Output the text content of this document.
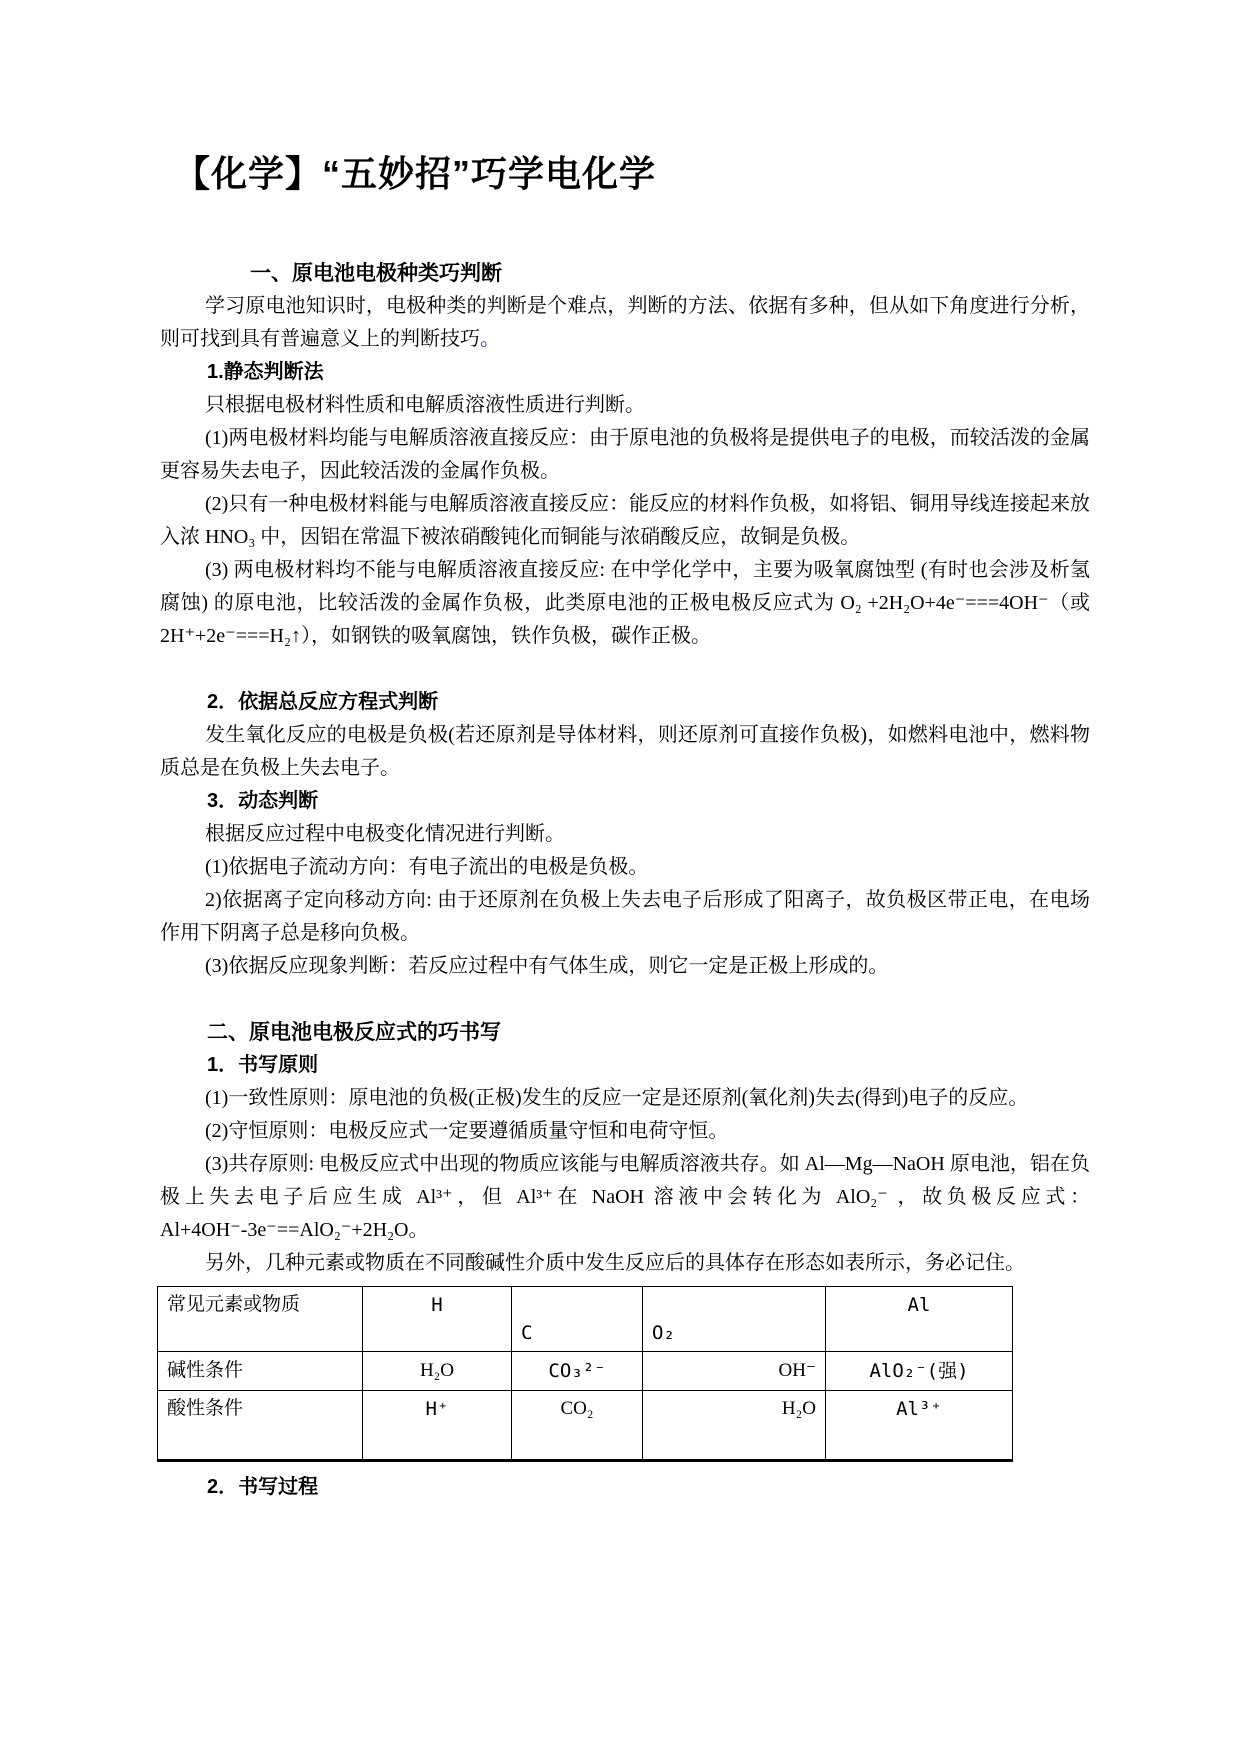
【化学】“五妙招”巧学电化学
一、原电池电极种类巧判断

学习原电池知识时，电极种类的判断是个难点，判断的方法、依据有多种，但从如下角度进行分析，则可找到具有普遍意义上的判断技巧。

1.静态判断法

只根据电极材料性质和电解质溶液性质进行判断。

(1)两电极材料均能与电解质溶液直接反应：由于原电池的负极将是提供电子的电极，而较活泼的金属更容易失去电子，因此较活泼的金属作负极。

(2)只有一种电极材料能与电解质溶液直接反应：能反应的材料作负极，如将铝、铜用导线连接起来放入浓 HNO₃ 中，因铝在常温下被浓硝酸钝化而铜能与浓硝酸反应，故铜是负极。

(3) 两电极材料均不能与电解质溶液直接反应: 在中学化学中，主要为吸氧腐蚀型 (有时也会涉及析氢腐蚀) 的原电池，比较活泼的金属作负极，此类原电池的正极电极反应式为 O₂ +2H₂O+4e⁻===4OH⁻（或 2H⁺+2e⁻===H₂↑），如钢铁的吸氧腐蚀，铁作负极，碳作正极。

2．依据总反应方程式判断

发生氧化反应的电极是负极(若还原剂是导体材料，则还原剂可直接作负极)，如燃料电池中，燃料物质总是在负极上失去电子。

3．动态判断

根据反应过程中电极变化情况进行判断。

(1)依据电子流动方向：有电子流出的电极是负极。

2)依据离子定向移动方向: 由于还原剂在负极上失去电子后形成了阳离子，故负极区带正电，在电场作用下阴离子总是移向负极。

(3)依据反应现象判断：若反应过程中有气体生成，则它一定是正极上形成的。

二、原电池电极反应式的巧书写
1．书写原则

(1)一致性原则：原电池的负极(正极)发生的反应一定是还原剂(氧化剂)失去(得到)电子的反应。

(2)守恒原则：电极反应式一定要遵循质量守恒和电荷守恒。

(3)共存原则: 电极反应式中出现的物质应该能与电解质溶液共存。如 Al—Mg—NaOH 原电池，铝在负极上失去电子后应生成 Al³⁺，但 Al³⁺在 NaOH 溶液中会转化为 AlO₂⁻ ，故负极反应式：Al+4OH⁻-3e⁻==AlO₂⁻+2H₂O。

另外，几种元素或物质在不同酸碱性介质中发生反应后的具体存在形态如表所示，务必记住。

常见元素或物质	H	C	O₂	Al
碱性条件	H₂O	CO₃²⁻	OH⁻	AlO₂⁻(强)
酸性条件	H⁺	CO₂	H₂O	Al³⁺
2．书写过程
